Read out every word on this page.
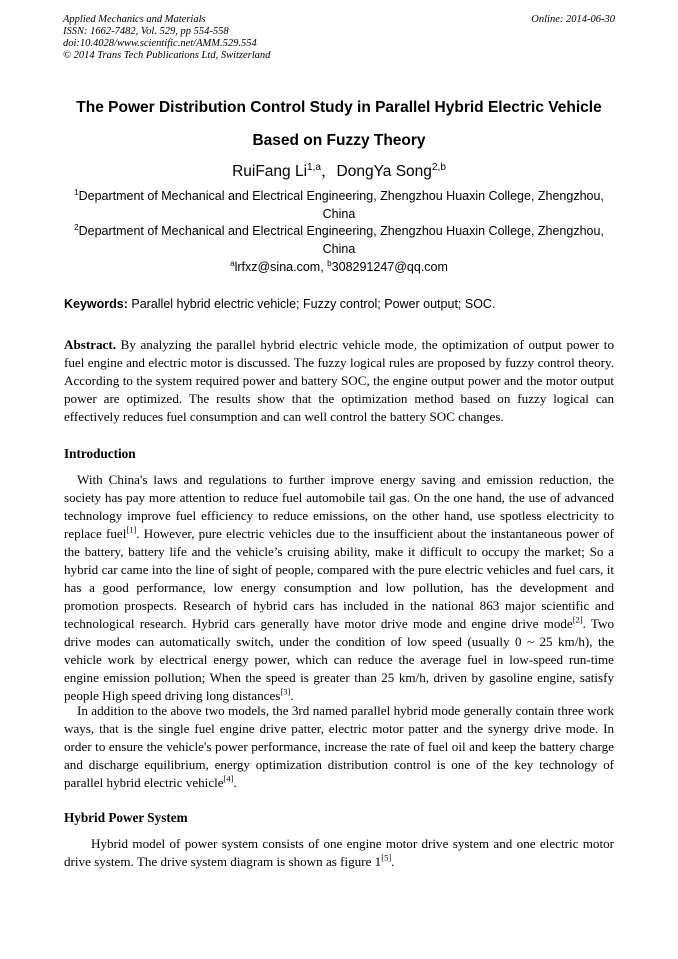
Applied Mechanics and Materials
ISSN: 1662-7482, Vol. 529, pp 554-558
doi:10.4028/www.scientific.net/AMM.529.554
© 2014 Trans Tech Publications Ltd, Switzerland
Online: 2014-06-30
The Power Distribution Control Study in Parallel Hybrid Electric Vehicle
Based on Fuzzy Theory
RuiFang Li$^{1,a}$，DongYa Song$^{2,b}$
$^1$Department of Mechanical and Electrical Engineering, Zhengzhou Huaxin College, Zhengzhou, China
$^2$Department of Mechanical and Electrical Engineering, Zhengzhou Huaxin College, Zhengzhou, China
$^a$lrfxz@sina.com, $^b$308291247@qq.com
Keywords: Parallel hybrid electric vehicle; Fuzzy control; Power output; SOC.
Abstract. By analyzing the parallel hybrid electric vehicle mode, the optimization of output power to fuel engine and electric motor is discussed. The fuzzy logical rules are proposed by fuzzy control theory. According to the system required power and battery SOC, the engine output power and the motor output power are optimized. The results show that the optimization method based on fuzzy logical can effectively reduces fuel consumption and can well control the battery SOC changes.
Introduction
With China's laws and regulations to further improve energy saving and emission reduction, the society has pay more attention to reduce fuel automobile tail gas. On the one hand, the use of advanced technology improve fuel efficiency to reduce emissions, on the other hand, use spotless electricity to replace fuel[1]. However, pure electric vehicles due to the insufficient about the instantaneous power of the battery, battery life and the vehicle’s cruising ability, make it difficult to occupy the market; So a hybrid car came into the line of sight of people, compared with the pure electric vehicles and fuel cars, it has a good performance, low energy consumption and low pollution, has the development and promotion prospects. Research of hybrid cars has included in the national 863 major scientific and technological research. Hybrid cars generally have motor drive mode and engine drive mode[2]. Two drive modes can automatically switch, under the condition of low speed (usually 0 ~ 25 km/h), the vehicle work by electrical energy power, which can reduce the average fuel in low-speed run-time engine emission pollution; When the speed is greater than 25 km/h, driven by gasoline engine, satisfy people High speed driving long distances[3].
In addition to the above two models, the 3rd named parallel hybrid mode generally contain three work ways, that is the single fuel engine drive patter, electric motor patter and the synergy drive mode. In order to ensure the vehicle's power performance, increase the rate of fuel oil and keep the battery charge and discharge equilibrium, energy optimization distribution control is one of the key technology of parallel hybrid electric vehicle[4].
Hybrid Power System
Hybrid model of power system consists of one engine motor drive system and one electric motor drive system. The drive system diagram is shown as figure 1[5].
